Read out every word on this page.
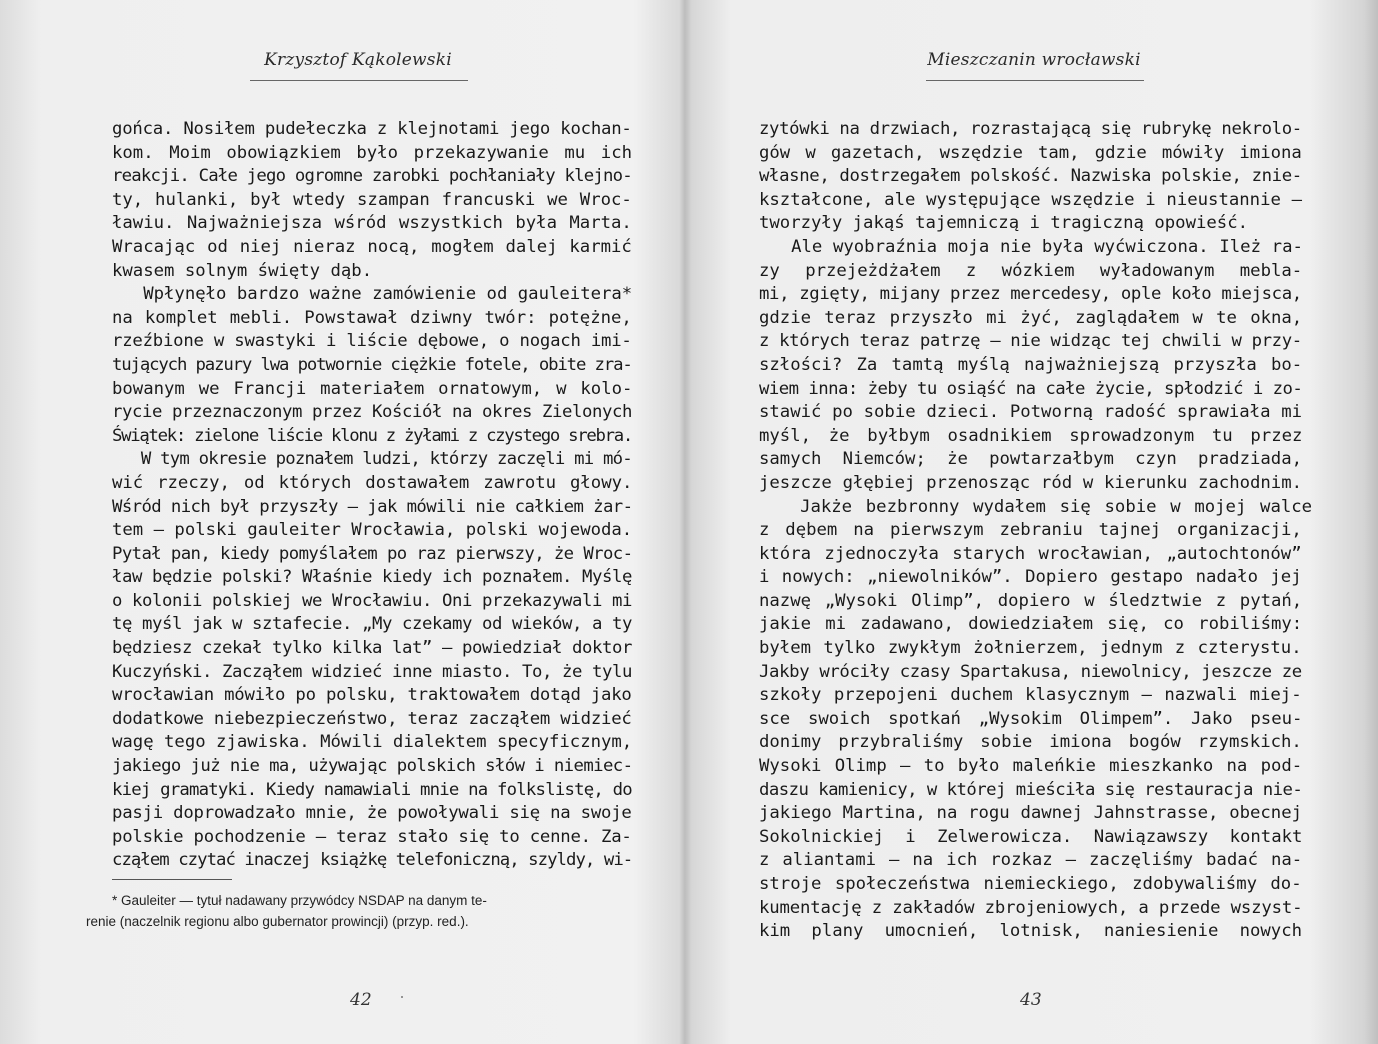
Krzysztof Kąkolewski
gońca. Nosiłem pudełeczka z klejnotami jego kochan-
kom. Moim obowiązkiem było przekazywanie mu ich
reakcji. Całe jego ogromne zarobki pochłaniały klejno-
ty, hulanki, był wtedy szampan francuski we Wroc-
ławiu. Najważniejsza wśród wszystkich była Marta.
Wracając od niej nieraz nocą, mogłem dalej karmić
kwasem solnym święty dąb.
Wpłynęło bardzo ważne zamówienie od gauleitera*
na komplet mebli. Powstawał dziwny twór: potężne,
rzeźbione w swastyki i liście dębowe, o nogach imi-
tujących pazury lwa potwornie ciężkie fotele, obite zra-
bowanym we Francji materiałem ornatowym, w kolo-
rycie przeznaczonym przez Kościół na okres Zielonych
Świątek: zielone liście klonu z żyłami z czystego srebra.
W tym okresie poznałem ludzi, którzy zaczęli mi mó-
wić rzeczy, od których dostawałem zawrotu głowy.
Wśród nich był przyszły — jak mówili nie całkiem żar-
tem — polski gauleiter Wrocławia, polski wojewoda.
Pytał pan, kiedy pomyślałem po raz pierwszy, że Wroc-
ław będzie polski? Właśnie kiedy ich poznałem. Myślę
o kolonii polskiej we Wrocławiu. Oni przekazywali mi
tę myśl jak w sztafecie. „My czekamy od wieków, a ty
będziesz czekał tylko kilka lat” — powiedział doktor
Kuczyński. Zacząłem widzieć inne miasto. To, że tylu
wrocławian mówiło po polsku, traktowałem dotąd jako
dodatkowe niebezpieczeństwo, teraz zacząłem widzieć
wagę tego zjawiska. Mówili dialektem specyficznym,
jakiego już nie ma, używając polskich słów i niemiec-
kiej gramatyki. Kiedy namawiali mnie na folkslistę, do
pasji doprowadzało mnie, że powoływali się na swoje
polskie pochodzenie — teraz stało się to cenne. Za-
cząłem czytać inaczej książkę telefoniczną, szyldy, wi-
* Gauleiter — tytuł nadawany przywódcy NSDAP na danym te-
renie (naczelnik regionu albo gubernator prowincji) (przyp. red.).
42
Mieszczanin wrocławski
zytówki na drzwiach, rozrastającą się rubrykę nekrolo-
gów w gazetach, wszędzie tam, gdzie mówiły imiona
własne, dostrzegałem polskość. Nazwiska polskie, znie-
kształcone, ale występujące wszędzie i nieustannie —
tworzyły jakąś tajemniczą i tragiczną opowieść.
Ale wyobraźnia moja nie była wyćwiczona. Ileż ra-
zy przejeżdżałem z wózkiem wyładowanym mebla-
mi, zgięty, mijany przez mercedesy, ople koło miejsca,
gdzie teraz przyszło mi żyć, zaglądałem w te okna,
z których teraz patrzę — nie widząc tej chwili w przy-
szłości? Za tamtą myślą najważniejszą przyszła bo-
wiem inna: żeby tu osiąść na całe życie, spłodzić i zo-
stawić po sobie dzieci. Potworną radość sprawiała mi
myśl, że byłbym osadnikiem sprowadzonym tu przez
samych Niemców; że powtarzałbym czyn pradziada,
jeszcze głębiej przenosząc ród w kierunku zachodnim.
Jakże bezbronny wydałem się sobie w mojej walce
z dębem na pierwszym zebraniu tajnej organizacji,
która zjednoczyła starych wrocławian, „autochtonów”
i nowych: „niewolników”. Dopiero gestapo nadało jej
nazwę „Wysoki Olimp”, dopiero w śledztwie z pytań,
jakie mi zadawano, dowiedziałem się, co robiliśmy:
byłem tylko zwykłym żołnierzem, jednym z czterystu.
Jakby wróciły czasy Spartakusa, niewolnicy, jeszcze ze
szkoły przepojeni duchem klasycznym — nazwali miej-
sce swoich spotkań „Wysokim Olimpem”. Jako pseu-
donimy przybraliśmy sobie imiona bogów rzymskich.
Wysoki Olimp — to było maleńkie mieszkanko na pod-
daszu kamienicy, w której mieściła się restauracja nie-
jakiego Martina, na rogu dawnej Jahnstrasse, obecnej
Sokolnickiej i Zelwerowicza. Nawiązawszy kontakt
z aliantami — na ich rozkaz — zaczęliśmy badać na-
stroje społeczeństwa niemieckiego, zdobywaliśmy do-
kumentację z zakładów zbrojeniowych, a przede wszyst-
kim plany umocnień, lotnisk, naniesienie nowych
43
